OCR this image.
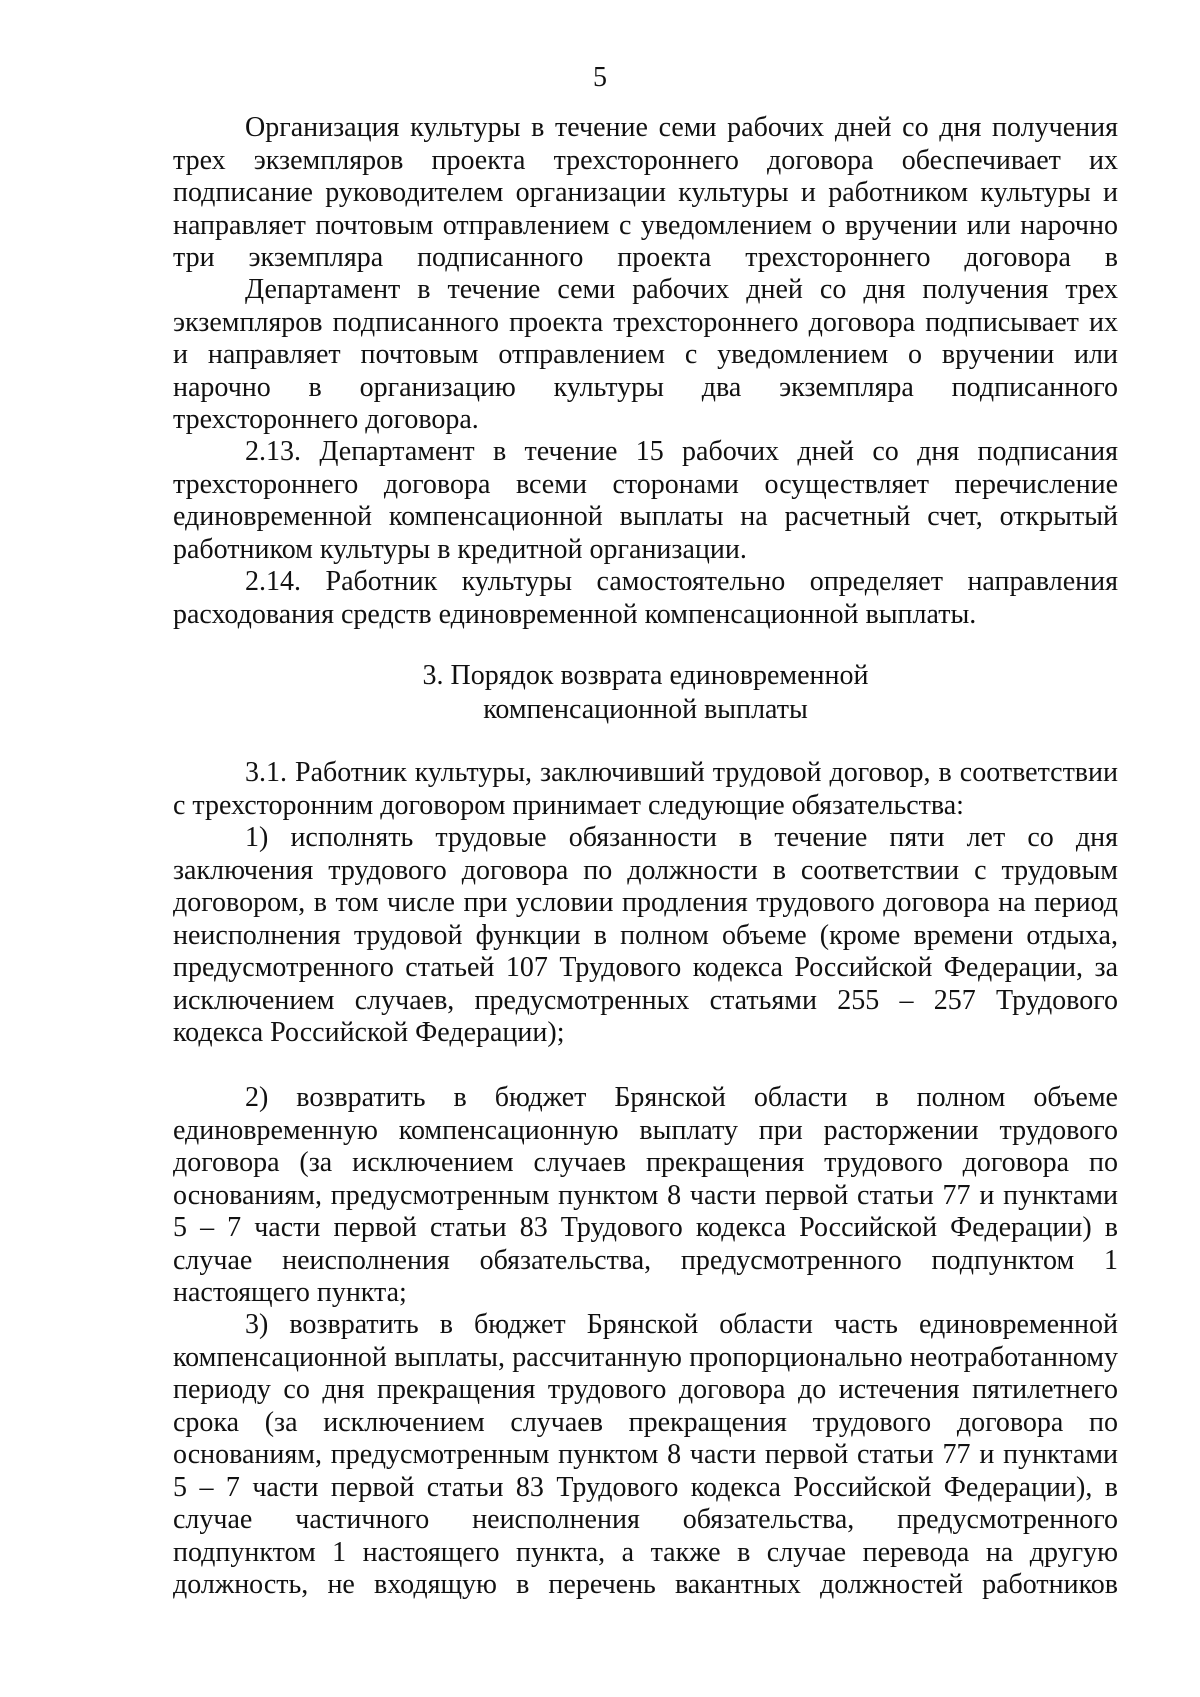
5

Организация культуры в течение семи рабочих дней со дня получения трех экземпляров проекта трехстороннего договора обеспечивает их подписание руководителем организации культуры и работником культуры и направляет почтовым отправлением с уведомлением о вручении или нарочно три экземпляра подписанного проекта трехстороннего договора в

Департамент в течение семи рабочих дней со дня получения трех экземпляров подписанного проекта трехстороннего договора подписывает их и направляет почтовым отправлением с уведомлением о вручении или нарочно в организацию культуры два экземпляра подписанного трехстороннего договора.

2.13. Департамент в течение 15 рабочих дней со дня подписания трехстороннего договора всеми сторонами осуществляет перечисление единовременной компенсационной выплаты на расчетный счет, открытый работником культуры в кредитной организации.

2.14. Работник культуры самостоятельно определяет направления расходования средств единовременной компенсационной выплаты.

3. Порядок возврата единовременной
компенсационной выплаты

3.1. Работник культуры, заключивший трудовой договор, в соответствии с трехсторонним договором принимает следующие обязательства:

1) исполнять трудовые обязанности в течение пяти лет со дня заключения трудового договора по должности в соответствии с трудовым договором, в том числе при условии продления трудового договора на период неисполнения трудовой функции в полном объеме (кроме времени отдыха, предусмотренного статьей 107 Трудового кодекса Российской Федерации, за исключением случаев, предусмотренных статьями 255 – 257 Трудового кодекса Российской Федерации);

2) возвратить в бюджет Брянской области в полном объеме единовременную компенсационную выплату при расторжении трудового договора (за исключением случаев прекращения трудового договора по основаниям, предусмотренным пунктом 8 части первой статьи 77 и пунктами 5 – 7 части первой статьи 83 Трудового кодекса Российской Федерации) в случае неисполнения обязательства, предусмотренного подпунктом 1 настоящего пункта;

3) возвратить в бюджет Брянской области часть единовременной компенсационной выплаты, рассчитанную пропорционально неотработанному периоду со дня прекращения трудового договора до истечения пятилетнего срока (за исключением случаев прекращения трудового договора по основаниям, предусмотренным пунктом 8 части первой статьи 77 и пунктами 5 – 7 части первой статьи 83 Трудового кодекса Российской Федерации), в случае частичного неисполнения обязательства, предусмотренного подпунктом 1 настоящего пункта, а также в случае перевода на другую должность, не входящую в перечень вакантных должностей работников
